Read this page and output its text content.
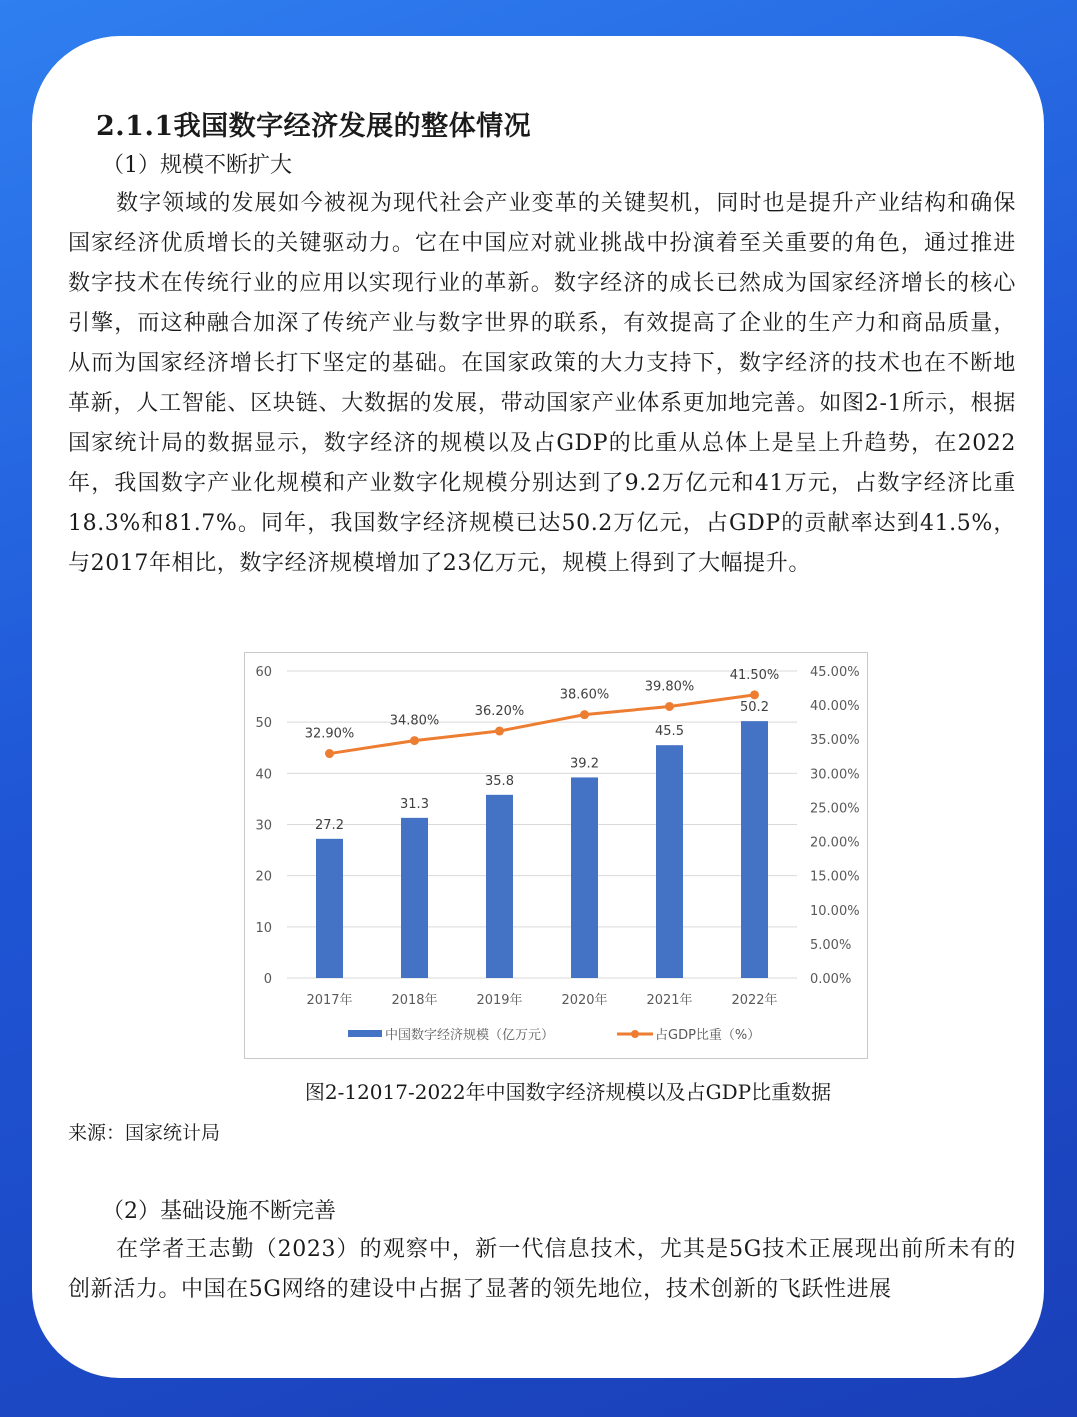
2.1.1我国数字经济发展的整体情况
（1）规模不断扩大

数字领域的发展如今被视为现代社会产业变革的关键契机，同时也是提升产业结构和确保国家经济优质增长的关键驱动力。它在中国应对就业挑战中扮演着至关重要的角色，通过推进数字技术在传统行业的应用以实现行业的革新。数字经济的成长已然成为国家经济增长的核心引擎，而这种融合加深了传统产业与数字世界的联系，有效提高了企业的生产力和商品质量，从而为国家经济增长打下坚定的基础。在国家政策的大力支持下，数字经济的技术也在不断地革新，人工智能、区块链、大数据的发展，带动国家产业体系更加地完善。如图2-1所示，根据国家统计局的数据显示，数字经济的规模以及占GDP的比重从总体上是呈上升趋势，在2022年，我国数字产业化规模和产业数字化规模分别达到了9.2万亿元和41万元，占数字经济比重18.3%和81.7%。同年，我国数字经济规模已达50.2万亿元，占GDP的贡献率达到41.5%，与2017年相比，数字经济规模增加了23亿万元，规模上得到了大幅提升。

0
10
20
30
40
50
60
0.00%
5.00%
10.00%
15.00%
20.00%
25.00%
30.00%
35.00%
40.00%
45.00%
27.2
31.3
35.8
39.2
45.5
50.2
32.90%
34.80%
36.20%
38.60%
39.80%
41.50%
2017年	2018年	2019年	2020年	2021年	2022年
中国数字经济规模（亿万元）	占GDP比重（%）

图2-12017-2022年中国数字经济规模以及占GDP比重数据

来源：国家统计局

（2）基础设施不断完善

在学者王志勤（2023）的观察中，新一代信息技术，尤其是5G技术正展现出前所未有的创新活力。中国在5G网络的建设中占据了显著的领先地位，技术创新的飞跃性进展
